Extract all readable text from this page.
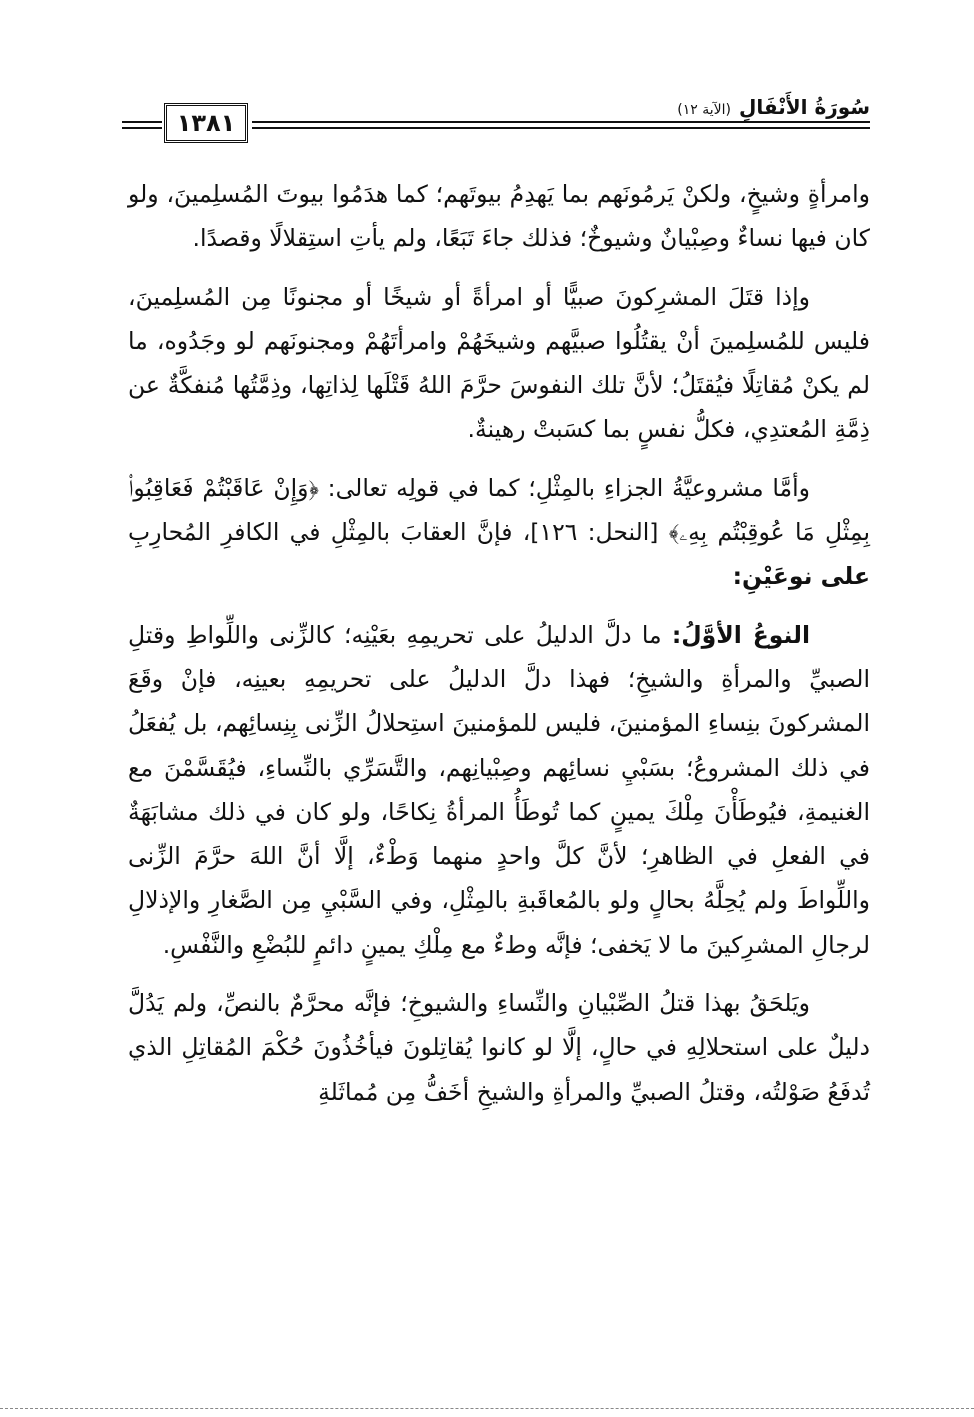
١٣٨١
سُورَةُ الأَنْفَالِ
(الآية ١٢)

وامرأةٍ وشيخٍ، ولكنْ يَرمُونَهم بما يَهدِمُ بيوتَهم؛ كما هدَمُوا بيوتَ المُسلِمينَ، ولو كان فيها نساءٌ وصِبْيانٌ وشيوخٌ؛ فذلك جاءَ تَبَعًا، ولم يأتِ استِقلالًا وقصدًا.

وإذا قتَلَ المشرِكونَ صبيًّا أو امرأةً أو شيخًا أو مجنونًا مِن المُسلِمينَ، فليس للمُسلِمينَ أنْ يقتُلُوا صبيَّهم وشيخَهُمْ وامرأتَهُمْ ومجنونَهم لو وجَدُوه، ما لم يكنْ مُقاتِلًا فيُقتَلُ؛ لأنَّ تلك النفوسَ حرَّمَ اللهُ قَتْلَها لِذاتِها، وذِمَّتُها مُنفكَّةٌ عن ذِمَّةِ المُعتدِي، فكلُّ نفسٍ بما كسَبتْ رهينةٌ.

وأمَّا مشروعيَّةُ الجزاءِ بالمِثْلِ؛ كما في قولِه تعالى: ﴿وَإِنْ عَاقَبْتُمْ فَعَاقِبُوا۟ بِمِثْلِ مَا عُوقِبْتُم بِهِۦ﴾ [النحل: ١٢٦]، فإنَّ العقابَ بالمِثْلِ في الكافرِ المُحارِبِ على نوعَيْنِ:

النوعُ الأوَّلُ: ما دلَّ الدليلُ على تحريمِهِ بعَيْنِه؛ كالزِّنى واللِّواطِ وقتلِ الصبيِّ والمرأةِ والشيخِ؛ فهذا دلَّ الدليلُ على تحريمِهِ بعينِه، فإنْ وقَعَ المشركونَ بنِساءِ المؤمنينَ، فليس للمؤمنينَ استِحلالُ الزِّنى بِنِسائِهم، بل يُفعَلُ في ذلك المشروعُ؛ بسَبْيِ نسائِهم وصِبْيانِهم، والتَّسَرِّي بالنِّساءِ، فيُقَسَّمْنَ مع الغنيمةِ، فيُوطَأْنَ مِلْكَ يمينٍ كما تُوطَأُ المرأةُ نِكاحًا، ولو كان في ذلك مشابَهَةٌ في الفعلِ في الظاهرِ؛ لأنَّ كلَّ واحدٍ منهما وَطْءٌ، إلَّا أنَّ اللهَ حرَّمَ الزِّنى واللِّواطَ ولم يُحِلَّهُ بحالٍ ولو بالمُعاقَبةِ بالمِثْلِ، وفي السَّبْيِ مِن الصَّغارِ والإذلالِ لرجالِ المشرِكينَ ما لا يَخفى؛ فإنَّه وطءٌ مع مِلْكِ يمينٍ دائمٍ للبُضْعِ والنَّفْسِ.

ويَلحَقُ بهذا قتلُ الصِّبْيانِ والنِّساءِ والشيوخِ؛ فإنَّه محرَّمٌ بالنصِّ، ولم يَدُلَّ دليلٌ على استحلالِهِ في حالٍ، إلَّا لو كانوا يُقاتِلونَ فيأخُذُونَ حُكْمَ المُقاتِلِ الذي تُدفَعُ صَوْلتُه، وقتلُ الصبيِّ والمرأةِ والشيخِ أخَفُّ مِن مُماثَلةِ
